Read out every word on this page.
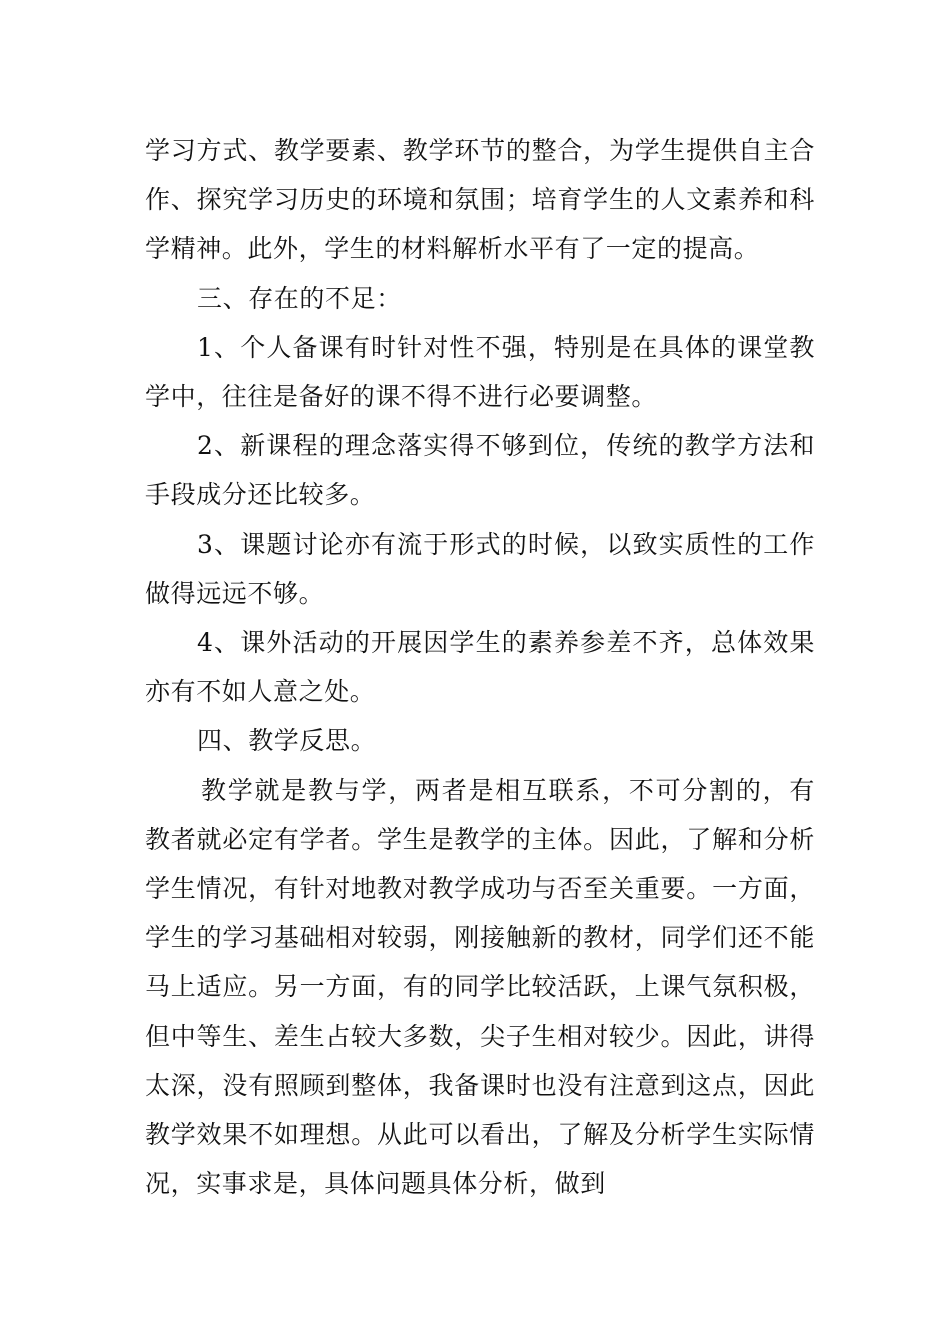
学习方式、教学要素、教学环节的整合，为学生提供自主合作、探究学习历史的环境和氛围；培育学生的人文素养和科学精神。此外，学生的材料解析水平有了一定的提高。

三、存在的不足：

1、个人备课有时针对性不强，特别是在具体的课堂教学中，往往是备好的课不得不进行必要调整。

2、新课程的理念落实得不够到位，传统的教学方法和手段成分还比较多。

3、课题讨论亦有流于形式的时候，以致实质性的工作做得远远不够。

4、课外活动的开展因学生的素养参差不齐，总体效果亦有不如人意之处。

四、教学反思。

教学就是教与学，两者是相互联系，不可分割的，有教者就必定有学者。学生是教学的主体。因此，了解和分析学生情况，有针对地教对教学成功与否至关重要。一方面，学生的学习基础相对较弱，刚接触新的教材，同学们还不能马上适应。另一方面，有的同学比较活跃，上课气氛积极，但中等生、差生占较大多数，尖子生相对较少。因此，讲得太深，没有照顾到整体，我备课时也没有注意到这点，因此教学效果不如理想。从此可以看出，了解及分析学生实际情况，实事求是，具体问题具体分析，做到
